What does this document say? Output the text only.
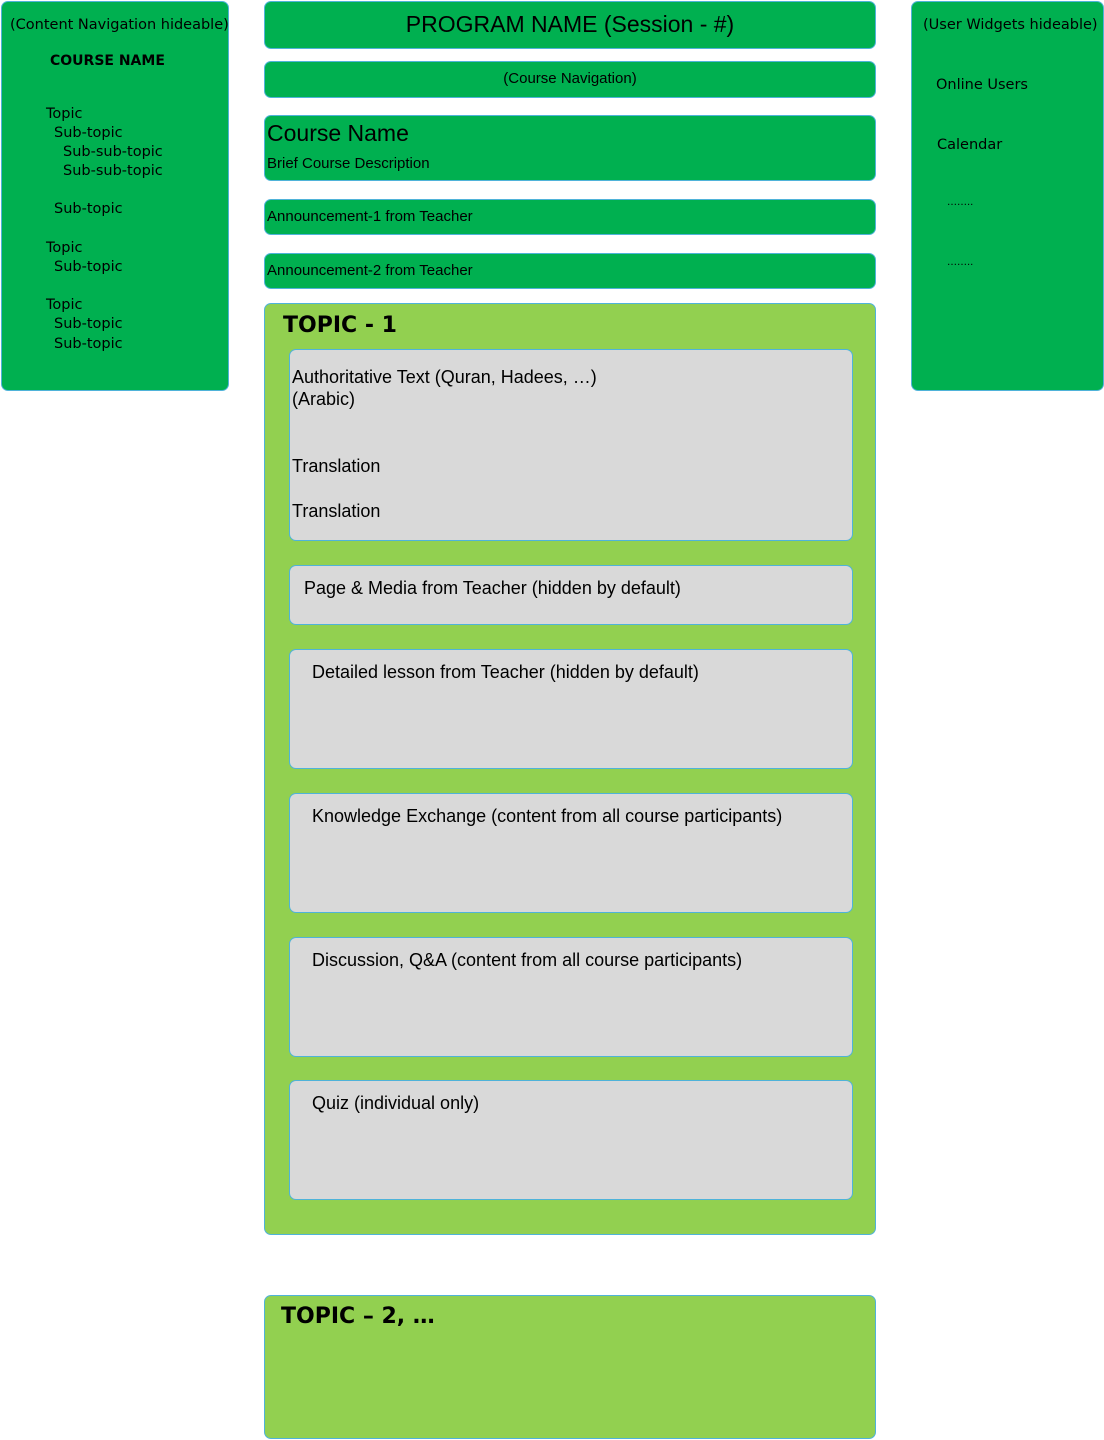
(Content Navigation hideable)
COURSE NAME
Topic
Sub-topic
Sub-sub-topic
Sub-sub-topic
Sub-topic
Topic
Sub-topic
Topic
Sub-topic
Sub-topic
PROGRAM NAME (Session - #)
(Course Navigation)
Course Name
Brief Course Description
Announcement-1 from Teacher
Announcement-2 from Teacher
TOPIC - 1
Authoritative Text (Quran, Hadees, …)
(Arabic)
Translation
Translation
Page & Media from Teacher (hidden by default)
Detailed lesson from Teacher (hidden by default)
Knowledge Exchange (content from all course participants)
Discussion, Q&A (content from all course participants)
Quiz (individual only)
TOPIC – 2, …
(User Widgets hideable)
Online Users
Calendar
……..
……..
